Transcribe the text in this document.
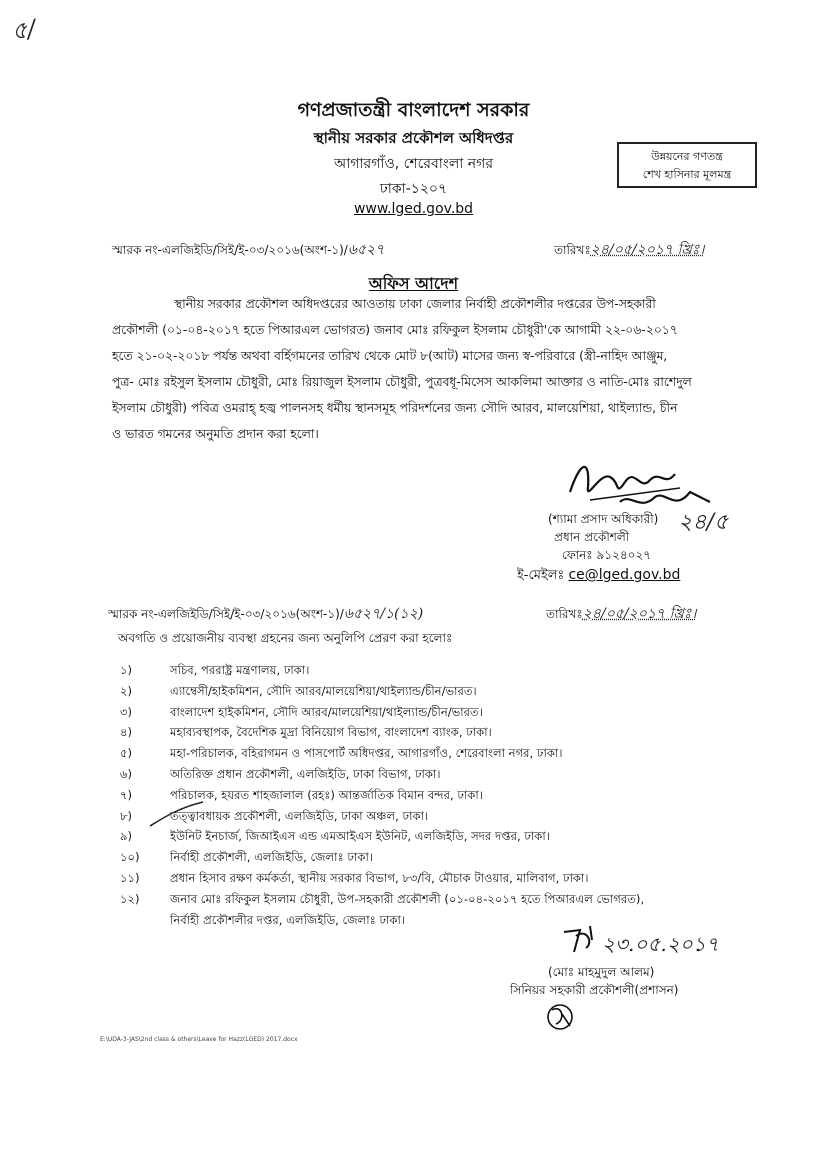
৫/
গণপ্রজাতন্ত্রী বাংলাদেশ সরকার
স্থানীয় সরকার প্রকৌশল অধিদপ্তর
আগারগাঁও, শেরেবাংলা নগর
ঢাকা-১২০৭
www.lged.gov.bd
উন্নয়নের গণতন্ত্র
শেখ হাসিনার মূলমন্ত্র
স্মারক নং-এলজিইডি/সিই/ই-০৩/২০১৬(অংশ-১)/৬৫২৭	তারিখঃ২৪/০৫/২০১৭ খ্রিঃ।
অফিস আদেশ
স্থানীয় সরকার প্রকৌশল অধিদপ্তরের আওতায় ঢাকা জেলার নির্বাহী প্রকৌশলীর দপ্তরের উপ-সহকারী
প্রকৌশলী (০১-০৪-২০১৭ হতে পিআরএল ভোগরত) জনাব মোঃ রফিকুল ইসলাম চৌধুরী'কে আগামী ২২-০৬-২০১৭
হতে ২১-০২-২০১৮ পর্যন্ত অথবা বর্হিগমনের তারিখ থেকে মোট ৮(আট) মাসের জন্য স্ব-পরিবারে (স্ত্রী-নাহিদ আঞ্জুম,
পুত্র- মোঃ রইসুল ইসলাম চৌধুরী, মোঃ রিয়াজুল ইসলাম চৌধুরী, পুত্রবধূ-মিসেস আকলিমা আক্তার ও নাতি-মোঃ রাশেদুল
ইসলাম চৌধুরী) পবিত্র ওমরাহ্ হজ্ব পালনসহ ধর্মীয় স্থানসমূহ পরিদর্শনের জন্য সৌদি আরব, মালয়েশিয়া, থাইল্যান্ড, চীন
ও ভারত গমনের অনুমতি প্রদান করা হলো।
২৪/৫
(শ্যামা প্রসাদ অধিকারী)
প্রধান প্রকৌশলী
ফোনঃ ৯১২৪০২৭
ই-মেইলঃ ce@lged.gov.bd
স্মারক নং-এলজিইডি/সিই/ই-০৩/২০১৬(অংশ-১)/৬৫২৭/১(১২)	তারিখঃ২৪/০৫/২০১৭ খ্রিঃ।
অবগতি ও প্রয়োজনীয় ব্যবস্থা গ্রহনের জন্য অনুলিপি প্রেরণ করা হলোঃ
১)	সচিব, পররাষ্ট্র মন্ত্রণালয়, ঢাকা।
২)	এ্যাম্বেসী/হাইকমিশন, সৌদি আরব/মালয়েশিয়া/থাইল্যান্ড/চীন/ভারত।
৩)	বাংলাদেশ হাইকমিশন, সৌদি আরব/মালয়েশিয়া/থাইল্যান্ড/চীন/ভারত।
৪)	মহাব্যবস্থাপক, বৈদেশিক মুদ্রা বিনিয়োগ বিভাগ, বাংলাদেশ ব্যাংক, ঢাকা।
৫)	মহা-পরিচালক, বহিরাগমন ও পাসপোর্ট অধিদপ্তর, আগারগাঁও, শেরেবাংলা নগর, ঢাকা।
৬)	অতিরিক্ত প্রধান প্রকৌশলী, এলজিইডি, ঢাকা বিভাগ, ঢাকা।
৭)	পরিচালক, হযরত শাহজালাল (রহঃ) আন্তর্জাতিক বিমান বন্দর, ঢাকা।
৮)	তত্ত্বাবধায়ক প্রকৌশলী, এলজিইডি, ঢাকা অঞ্চল, ঢাকা।
৯)	ইউনিট ইনচার্জ, জিআইএস এন্ড এমআইএস ইউনিট, এলজিইডি, সদর দপ্তর, ঢাকা।
১০)	নির্বাহী প্রকৌশলী, এলজিইডি, জেলাঃ ঢাকা।
১১)	প্রধান হিসাব রক্ষণ কর্মকর্তা, স্থানীয় সরকার বিভাগ, ৮৩/বি, মৌচাক টাওয়ার, মালিবাগ, ঢাকা।
১২)	জনাব মোঃ রফিকুল ইসলাম চৌধুরী, উপ-সহকারী প্রকৌশলী (০১-০৪-২০১৭ হতে পিআরএল ভোগরত),
নির্বাহী প্রকৌশলীর দপ্তর, এলজিইডি, জেলাঃ ঢাকা।
২৩.০৫.২০১৭
(মোঃ মাহমুদুল আলম)
সিনিয়র সহকারী প্রকৌশলী(প্রশাসন)
E:\UDA-3-JAS\2nd class & others\Leave for Hazz(LGED) 2017.docx
